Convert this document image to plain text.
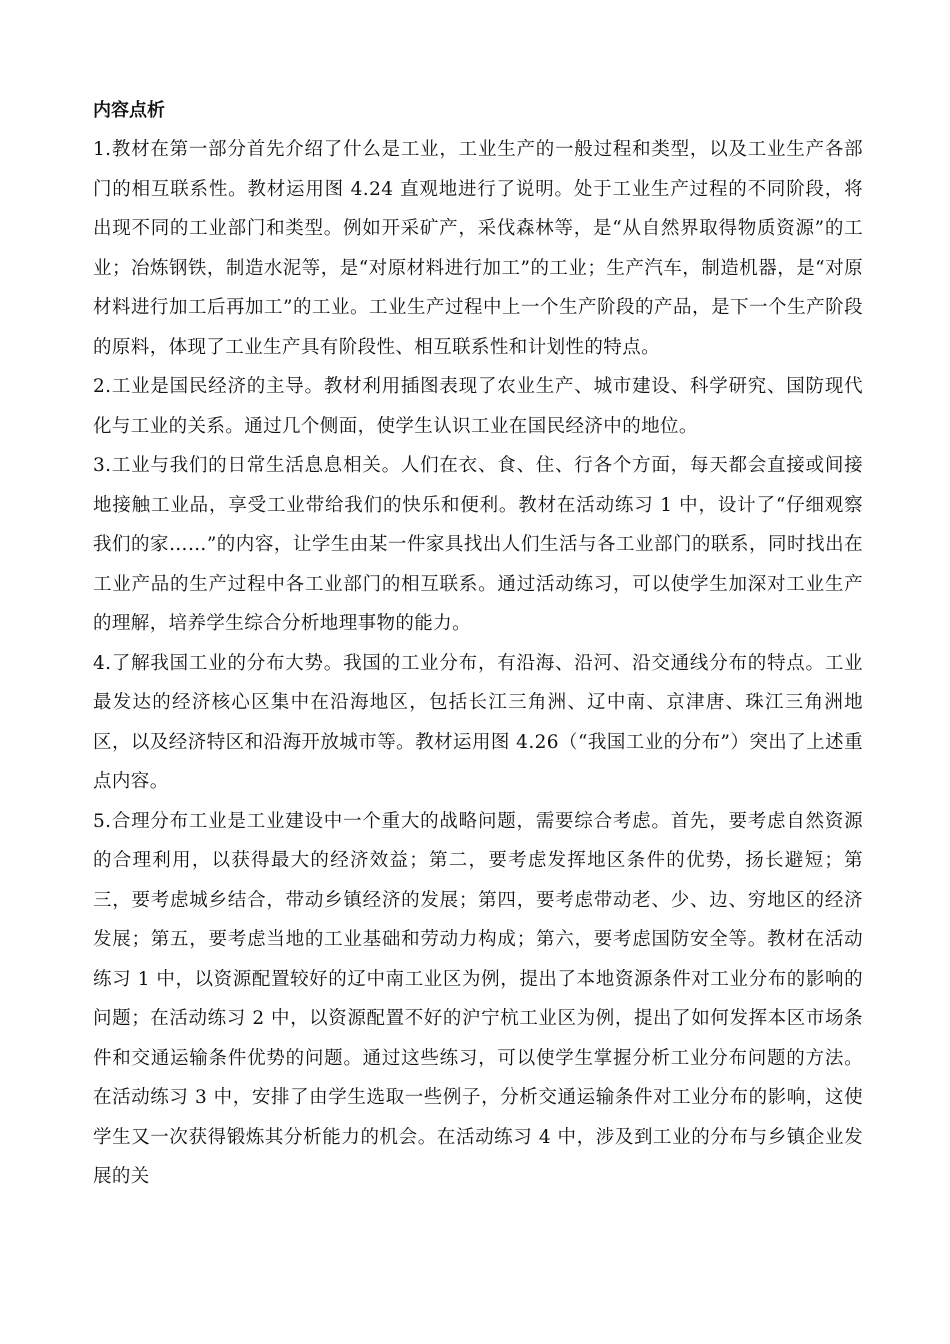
内容点析

1.教材在第一部分首先介绍了什么是工业，工业生产的一般过程和类型，以及工业生产各部门的相互联系性。教材运用图 4.24 直观地进行了说明。处于工业生产过程的不同阶段，将出现不同的工业部门和类型。例如开采矿产，采伐森林等，是“从自然界取得物质资源”的工业；冶炼钢铁，制造水泥等，是“对原材料进行加工”的工业；生产汽车，制造机器，是“对原材料进行加工后再加工”的工业。工业生产过程中上一个生产阶段的产品，是下一个生产阶段的原料，体现了工业生产具有阶段性、相互联系性和计划性的特点。

2.工业是国民经济的主导。教材利用插图表现了农业生产、城市建设、科学研究、国防现代化与工业的关系。通过几个侧面，使学生认识工业在国民经济中的地位。

3.工业与我们的日常生活息息相关。人们在衣、食、住、行各个方面，每天都会直接或间接地接触工业品，享受工业带给我们的快乐和便利。教材在活动练习 1 中，设计了“仔细观察我们的家……”的内容，让学生由某一件家具找出人们生活与各工业部门的联系，同时找出在工业产品的生产过程中各工业部门的相互联系。通过活动练习，可以使学生加深对工业生产的理解，培养学生综合分析地理事物的能力。

4.了解我国工业的分布大势。我国的工业分布，有沿海、沿河、沿交通线分布的特点。工业最发达的经济核心区集中在沿海地区，包括长江三角洲、辽中南、京津唐、珠江三角洲地区，以及经济特区和沿海开放城市等。教材运用图 4.26（“我国工业的分布”）突出了上述重点内容。

5.合理分布工业是工业建设中一个重大的战略问题，需要综合考虑。首先，要考虑自然资源的合理利用，以获得最大的经济效益；第二，要考虑发挥地区条件的优势，扬长避短；第三，要考虑城乡结合，带动乡镇经济的发展；第四，要考虑带动老、少、边、穷地区的经济发展；第五，要考虑当地的工业基础和劳动力构成；第六，要考虑国防安全等。教材在活动练习 1 中，以资源配置较好的辽中南工业区为例，提出了本地资源条件对工业分布的影响的问题；在活动练习 2 中，以资源配置不好的沪宁杭工业区为例，提出了如何发挥本区市场条件和交通运输条件优势的问题。通过这些练习，可以使学生掌握分析工业分布问题的方法。在活动练习 3 中，安排了由学生选取一些例子，分析交通运输条件对工业分布的影响，这使学生又一次获得锻炼其分析能力的机会。在活动练习 4 中，涉及到工业的分布与乡镇企业发展的关
